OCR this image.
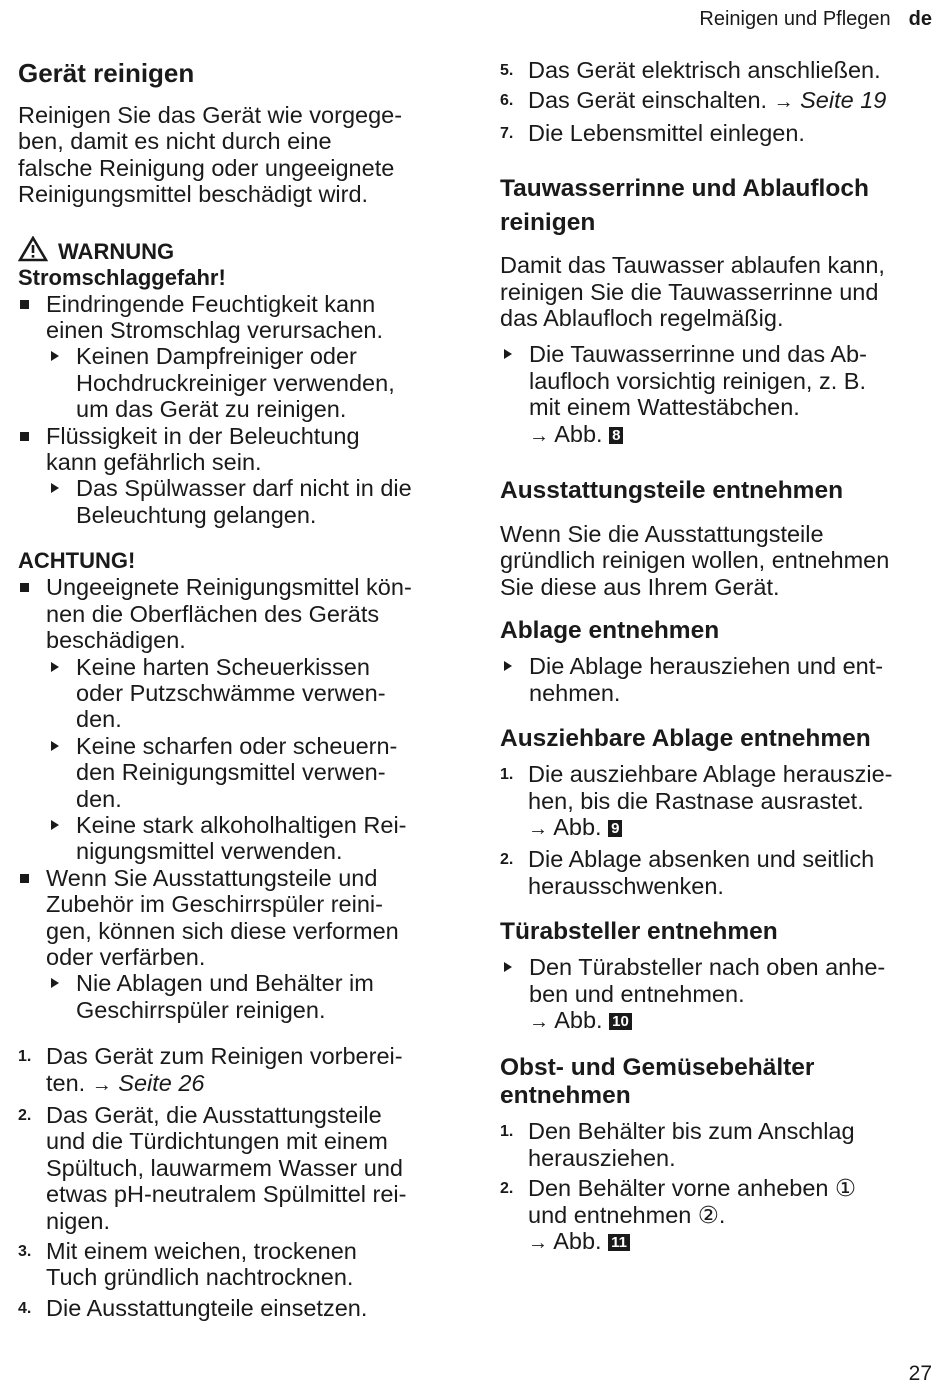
Reinigen und Pflegen de

Gerät reinigen

Reinigen Sie das Gerät wie vorgege-

ben, damit es nicht durch eine

falsche Reinigung oder ungeeignete

Reinigungsmittel beschädigt wird.

WARNUNG

Stromschlaggefahr!

Eindringende Feuchtigkeit kann

einen Stromschlag verursachen.

Keinen Dampfreiniger oder

Hochdruckreiniger verwenden,

um das Gerät zu reinigen.

Flüssigkeit in der Beleuchtung

kann gefährlich sein.

Das Spülwasser darf nicht in die

Beleuchtung gelangen.

ACHTUNG!

Ungeeignete Reinigungsmittel kön-

nen die Oberflächen des Geräts

beschädigen.

Keine harten Scheuerkissen

oder Putzschwämme verwen-

den.

Keine scharfen oder scheuern-

den Reinigungsmittel verwen-

den.

Keine stark alkoholhaltigen Rei-

nigungsmittel verwenden.

Wenn Sie Ausstattungsteile und

Zubehör im Geschirrspüler reini-

gen, können sich diese verformen

oder verfärben.

Nie Ablagen und Behälter im

Geschirrspüler reinigen.

1. Das Gerät zum Reinigen vorberei-

ten. → Seite 26

2. Das Gerät, die Ausstattungsteile

und die Türdichtungen mit einem

Spültuch, lauwarmem Wasser und

etwas pH-neutralem Spülmittel rei-

nigen.

3. Mit einem weichen, trockenen

Tuch gründlich nachtrocknen.

4. Die Ausstattungteile einsetzen.

5. Das Gerät elektrisch anschließen.

6. Das Gerät einschalten. → Seite 19

7. Die Lebensmittel einlegen.

Tauwasserrinne und Ablaufloch

reinigen

Damit das Tauwasser ablaufen kann,

reinigen Sie die Tauwasserrinne und

das Ablaufloch regelmäßig.

Die Tauwasserrinne und das Ab-

laufloch vorsichtig reinigen, z. B.

mit einem Wattestäbchen.

→ Abb. 8

Ausstattungsteile entnehmen

Wenn Sie die Ausstattungsteile

gründlich reinigen wollen, entnehmen

Sie diese aus Ihrem Gerät.

Ablage entnehmen

Die Ablage herausziehen und ent-

nehmen.

Ausziehbare Ablage entnehmen

1. Die ausziehbare Ablage herauszie-

hen, bis die Rastnase ausrastet.

→ Abb. 9

2. Die Ablage absenken und seitlich

herausschwenken.

Türabsteller entnehmen

Den Türabsteller nach oben anhe-

ben und entnehmen.

→ Abb. 10

Obst- und Gemüsebehälter

entnehmen

1. Den Behälter bis zum Anschlag

herausziehen.

2. Den Behälter vorne anheben ①

und entnehmen ②.

→ Abb. 11

27
